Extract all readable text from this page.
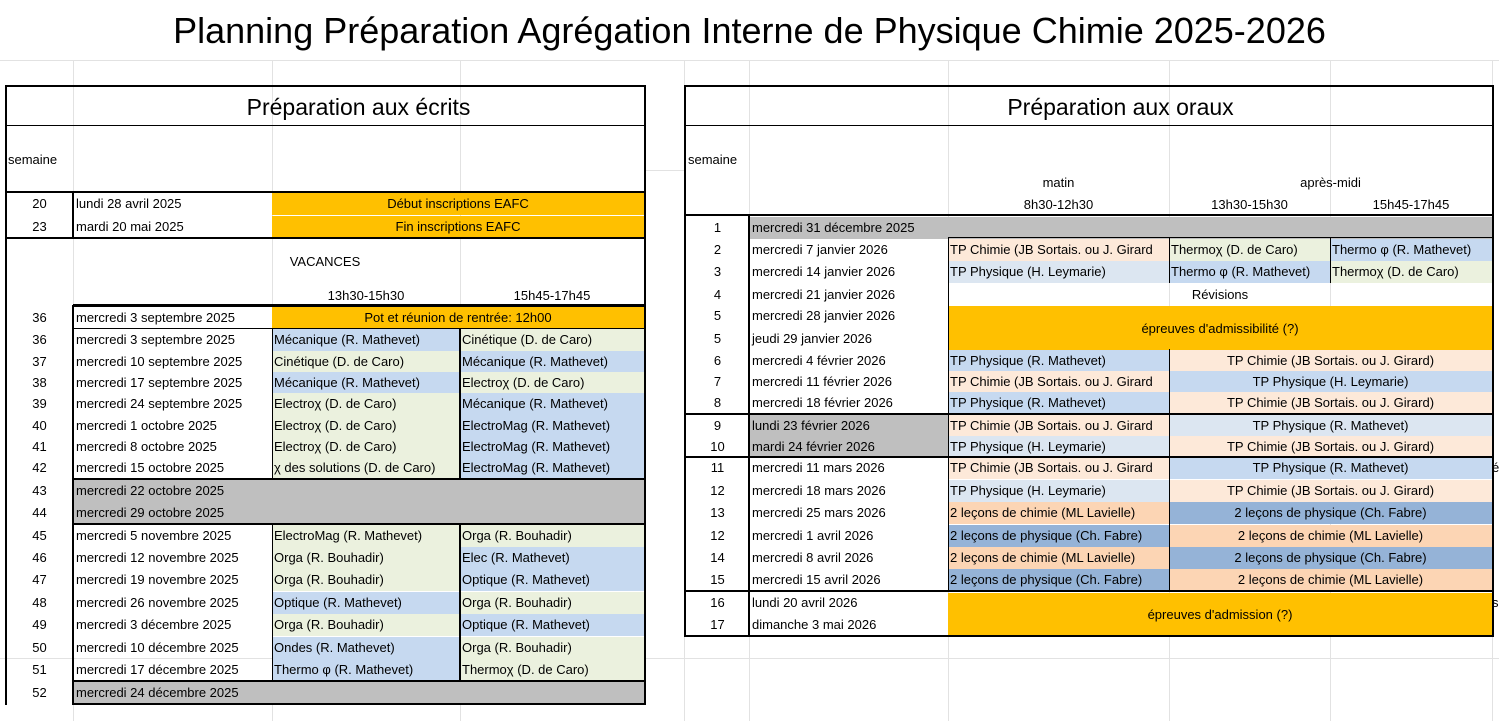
Planning Préparation Agrégation Interne de Physique Chimie 2025-2026
Préparation aux écrits
semaine
20	lundi 28 avril 2025	Début inscriptions EAFC
23	mardi 20 mai 2025	Fin inscriptions EAFC
VACANCES
13h30-15h30	15h45-17h45
36	mercredi 3 septembre 2025	Pot et réunion de rentrée: 12h00
36	mercredi 3 septembre 2025	Mécanique (R. Mathevet)	Cinétique (D. de Caro)
37	mercredi 10 septembre 2025	Cinétique (D. de Caro)	Mécanique (R. Mathevet)
38	mercredi 17 septembre 2025	Mécanique (R. Mathevet)	Electroχ (D. de Caro)
39	mercredi 24 septembre 2025	Electroχ (D. de Caro)	Mécanique (R. Mathevet)
40	mercredi 1 octobre 2025	Electroχ (D. de Caro)	ElectroMag (R. Mathevet)
41	mercredi 8 octobre 2025	Electroχ (D. de Caro)	ElectroMag (R. Mathevet)
42	mercredi 15 octobre 2025	χ des solutions (D. de Caro)	ElectroMag (R. Mathevet)
43	mercredi 22 octobre 2025
44	mercredi 29 octobre 2025
45	mercredi 5 novembre 2025	ElectroMag (R. Mathevet)	Orga (R. Bouhadir)
46	mercredi 12 novembre 2025	Orga (R. Bouhadir)	Elec (R. Mathevet)
47	mercredi 19 novembre 2025	Orga (R. Bouhadir)	Optique (R. Mathevet)
48	mercredi 26 novembre 2025	Optique (R. Mathevet)	Orga (R. Bouhadir)
49	mercredi 3 décembre 2025	Orga (R. Bouhadir)	Optique (R. Mathevet)
50	mercredi 10 décembre 2025	Ondes (R. Mathevet)	Orga (R. Bouhadir)
51	mercredi 17 décembre 2025	Thermo φ (R. Mathevet)	Thermoχ (D. de Caro)
52	mercredi 24 décembre 2025
Préparation aux oraux
semaine
matin	après-midi
8h30-12h30	13h30-15h30	15h45-17h45
1	mercredi 31 décembre 2025
2	mercredi 7 janvier 2026	TP Chimie (JB Sortais. ou J. Girard	Thermoχ (D. de Caro)	Thermo φ (R. Mathevet)
3	mercredi 14 janvier 2026	TP Physique (H. Leymarie)	Thermo φ (R. Mathevet)	Thermoχ (D. de Caro)
4	mercredi 21 janvier 2026	Révisions
5	mercredi 28 janvier 2026
5	jeudi 29 janvier 2026
épreuves d'admissibilité (?)
6	mercredi 4 février 2026	TP Physique (R. Mathevet)	TP Chimie (JB Sortais. ou J. Girard)
7	mercredi 11 février 2026	TP Chimie (JB Sortais. ou J. Girard	TP Physique (H. Leymarie)
8	mercredi 18 février 2026	TP Physique (R. Mathevet)	TP Chimie (JB Sortais. ou J. Girard)
9	lundi 23 février 2026	TP Chimie (JB Sortais. ou J. Girard	TP Physique (R. Mathevet)
10	mardi 24 février 2026	TP Physique (H. Leymarie)	TP Chimie (JB Sortais. ou J. Girard)
11	mercredi 11 mars 2026	TP Chimie (JB Sortais. ou J. Girard	TP Physique (R. Mathevet)
12	mercredi 18 mars 2026	TP Physique (H. Leymarie)	TP Chimie (JB Sortais. ou J. Girard)
13	mercredi 25 mars 2026	2 leçons de chimie (ML Lavielle)	2 leçons de physique (Ch. Fabre)
12	mercredi 1 avril 2026	2 leçons de physique (Ch. Fabre)	2 leçons de chimie (ML Lavielle)
14	mercredi 8 avril 2026	2 leçons de chimie (ML Lavielle)	2 leçons de physique (Ch. Fabre)
15	mercredi 15 avril 2026	2 leçons de physique (Ch. Fabre)	2 leçons de chimie (ML Lavielle)
16	lundi 20 avril 2026
17	dimanche 3 mai 2026
épreuves d'admission (?)
é
s
